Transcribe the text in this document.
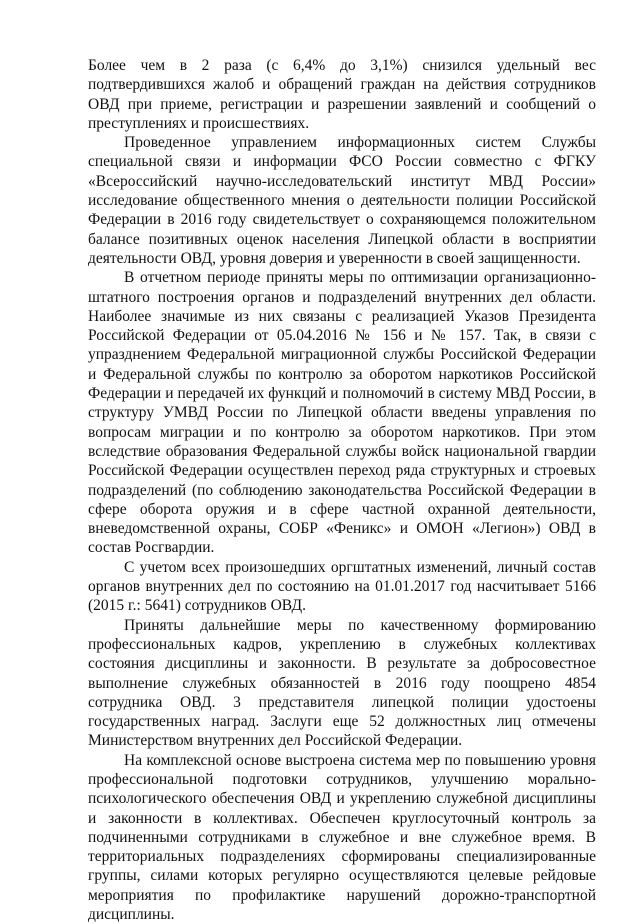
Более чем в 2 раза (с 6,4% до 3,1%) снизился удельный вес подтвердившихся жалоб и обращений граждан на действия сотрудников ОВД при приеме, регистрации и разрешении заявлений и сообщений о преступлениях и происшествиях.

Проведенное управлением информационных систем Службы специальной связи и информации ФСО России совместно с ФГКУ «Всероссийский научно-исследовательский институт МВД России» исследование общественного мнения о деятельности полиции Российской Федерации в 2016 году свидетельствует о сохраняющемся положительном балансе позитивных оценок населения Липецкой области в восприятии деятельности ОВД, уровня доверия и уверенности в своей защищенности.

В отчетном периоде приняты меры по оптимизации организационно-штатного построения органов и подразделений внутренних дел области. Наиболее значимые из них связаны с реализацией Указов Президента Российской Федерации от 05.04.2016 № 156 и № 157. Так, в связи с упразднением Федеральной миграционной службы Российской Федерации и Федеральной службы по контролю за оборотом наркотиков Российской Федерации и передачей их функций и полномочий в систему МВД России, в структуру УМВД России по Липецкой области введены управления по вопросам миграции и по контролю за оборотом наркотиков. При этом вследствие образования Федеральной службы войск национальной гвардии Российской Федерации осуществлен переход ряда структурных и строевых подразделений (по соблюдению законодательства Российской Федерации в сфере оборота оружия и в сфере частной охранной деятельности, вневедомственной охраны, СОБР «Феникс» и ОМОН «Легион») ОВД в состав Росгвардии.

С учетом всех произошедших оргштатных изменений, личный состав органов внутренних дел по состоянию на 01.01.2017 год насчитывает 5166 (2015 г.: 5641) сотрудников ОВД.

Приняты дальнейшие меры по качественному формированию профессиональных кадров, укреплению в служебных коллективах состояния дисциплины и законности. В результате за добросовестное выполнение служебных обязанностей в 2016 году поощрено 4854 сотрудника ОВД. 3 представителя липецкой полиции удостоены государственных наград. Заслуги еще 52 должностных лиц отмечены Министерством внутренних дел Российской Федерации.

На комплексной основе выстроена система мер по повышению уровня профессиональной подготовки сотрудников, улучшению морально-психологического обеспечения ОВД и укреплению служебной дисциплины и законности в коллективах. Обеспечен круглосуточный контроль за подчиненными сотрудниками в служебное и вне служебное время. В территориальных подразделениях сформированы специализированные группы, силами которых регулярно осуществляются целевые рейдовые мероприятия по профилактике нарушений дорожно-транспортной дисциплины.
